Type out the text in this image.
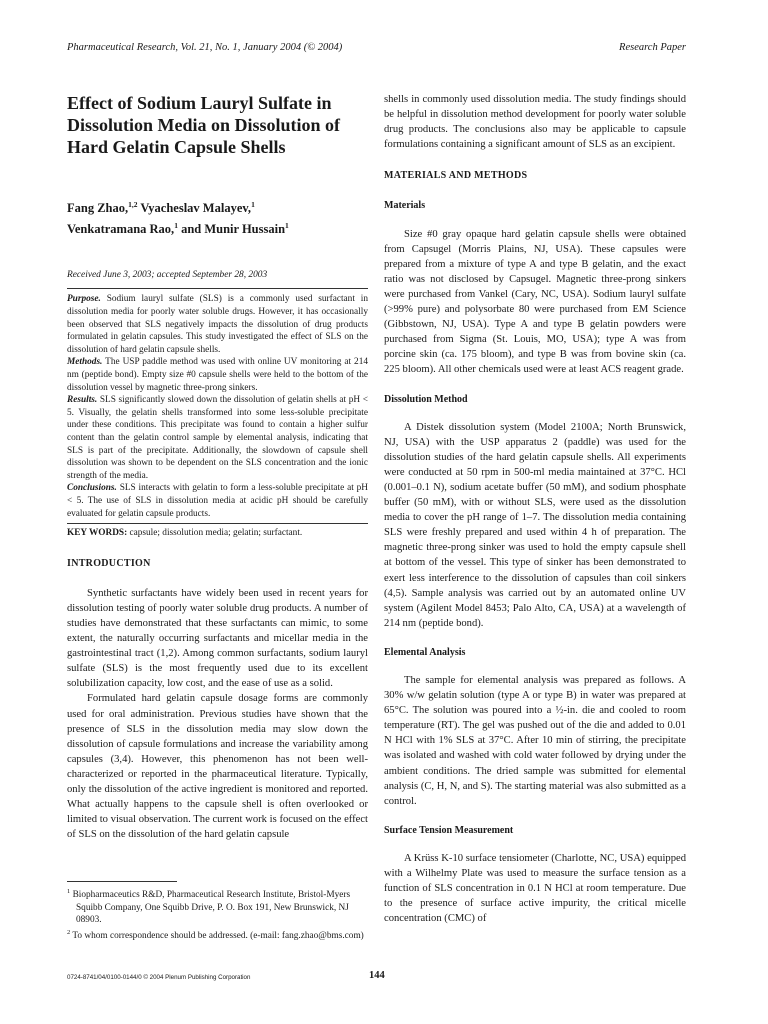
Pharmaceutical Research, Vol. 21, No. 1, January 2004 (© 2004)	Research Paper
Effect of Sodium Lauryl Sulfate in Dissolution Media on Dissolution of Hard Gelatin Capsule Shells
Fang Zhao,$^{1,2}$ Vyacheslav Malayev,$^1$
Venkatramana Rao,$^1$ and Munir Hussain$^1$

Received June 3, 2003; accepted September 28, 2003

Purpose. Sodium lauryl sulfate (SLS) is a commonly used surfactant in dissolution media for poorly water soluble drugs. However, it has occasionally been observed that SLS negatively impacts the dissolution of drug products formulated in gelatin capsules. This study investigated the effect of SLS on the dissolution of hard gelatin capsule shells.

Methods. The USP paddle method was used with online UV monitoring at 214 nm (peptide bond). Empty size #0 capsule shells were held to the bottom of the dissolution vessel by magnetic three-prong sinkers.

Results. SLS significantly slowed down the dissolution of gelatin shells at pH < 5. Visually, the gelatin shells transformed into some less-soluble precipitate under these conditions. This precipitate was found to contain a higher sulfur content than the gelatin control sample by elemental analysis, indicating that SLS is part of the precipitate. Additionally, the slowdown of capsule shell dissolution was shown to be dependent on the SLS concentration and the ionic strength of the media.

Conclusions. SLS interacts with gelatin to form a less-soluble precipitate at pH < 5. The use of SLS in dissolution media at acidic pH should be carefully evaluated for gelatin capsule products.

KEY WORDS: capsule; dissolution media; gelatin; surfactant.

INTRODUCTION

Synthetic surfactants have widely been used in recent years for dissolution testing of poorly water soluble drug products. A number of studies have demonstrated that these surfactants can mimic, to some extent, the naturally occurring surfactants and micellar media in the gastrointestinal tract (1,2). Among common surfactants, sodium lauryl sulfate (SLS) is the most frequently used due to its excellent solubilization capacity, low cost, and the ease of use as a solid.

Formulated hard gelatin capsule dosage forms are commonly used for oral administration. Previous studies have shown that the presence of SLS in the dissolution media may slow down the dissolution of capsule formulations and increase the variability among capsules (3,4). However, this phenomenon has not been well-characterized or reported in the pharmaceutical literature. Typically, only the dissolution of the active ingredient is monitored and reported. What actually happens to the capsule shell is often overlooked or limited to visual observation. The current work is focused on the effect of SLS on the dissolution of the hard gelatin capsule

shells in commonly used dissolution media. The study findings should be helpful in dissolution method development for poorly water soluble drug products. The conclusions also may be applicable to capsule formulations containing a significant amount of SLS as an excipient.

MATERIALS AND METHODS
Materials

Size #0 gray opaque hard gelatin capsule shells were obtained from Capsugel (Morris Plains, NJ, USA). These capsules were prepared from a mixture of type A and type B gelatin, and the exact ratio was not disclosed by Capsugel. Magnetic three-prong sinkers were purchased from Vankel (Cary, NC, USA). Sodium lauryl sulfate (>99% pure) and polysorbate 80 were purchased from EM Science (Gibbstown, NJ, USA). Type A and type B gelatin powders were purchased from Sigma (St. Louis, MO, USA); type A was from porcine skin (ca. 175 bloom), and type B was from bovine skin (ca. 225 bloom). All other chemicals used were at least ACS reagent grade.

Dissolution Method

A Distek dissolution system (Model 2100A; North Brunswick, NJ, USA) with the USP apparatus 2 (paddle) was used for the dissolution studies of the hard gelatin capsule shells. All experiments were conducted at 50 rpm in 500-ml media maintained at 37°C. HCl (0.001–0.1 N), sodium acetate buffer (50 mM), and sodium phosphate buffer (50 mM), with or without SLS, were used as the dissolution media to cover the pH range of 1–7. The dissolution media containing SLS were freshly prepared and used within 4 h of preparation. The magnetic three-prong sinker was used to hold the empty capsule shell at bottom of the vessel. This type of sinker has been demonstrated to exert less interference to the dissolution of capsules than coil sinkers (4,5). Sample analysis was carried out by an automated online UV system (Agilent Model 8453; Palo Alto, CA, USA) at a wavelength of 214 nm (peptide bond).

Elemental Analysis

The sample for elemental analysis was prepared as follows. A 30% w/w gelatin solution (type A or type B) in water was prepared at 65°C. The solution was poured into a ½-in. die and cooled to room temperature (RT). The gel was pushed out of the die and added to 0.01 N HCl with 1% SLS at 37°C. After 10 min of stirring, the precipitate was isolated and washed with cold water followed by drying under the ambient conditions. The dried sample was submitted for elemental analysis (C, H, N, and S). The starting material was also submitted as a control.

Surface Tension Measurement

A Krüss K-10 surface tensiometer (Charlotte, NC, USA) equipped with a Wilhelmy Plate was used to measure the surface tension as a function of SLS concentration in 0.1 N HCl at room temperature. Due to the presence of surface active impurity, the critical micelle concentration (CMC) of

$^1$ Biopharmaceutics R&D, Pharmaceutical Research Institute, Bristol-Myers Squibb Company, One Squibb Drive, P. O. Box 191, New Brunswick, NJ 08903.

$^2$ To whom correspondence should be addressed. (e-mail: fang.zhao@bms.com)

0724-8741/04/0100-0144/0 © 2004 Plenum Publishing Corporation	144
